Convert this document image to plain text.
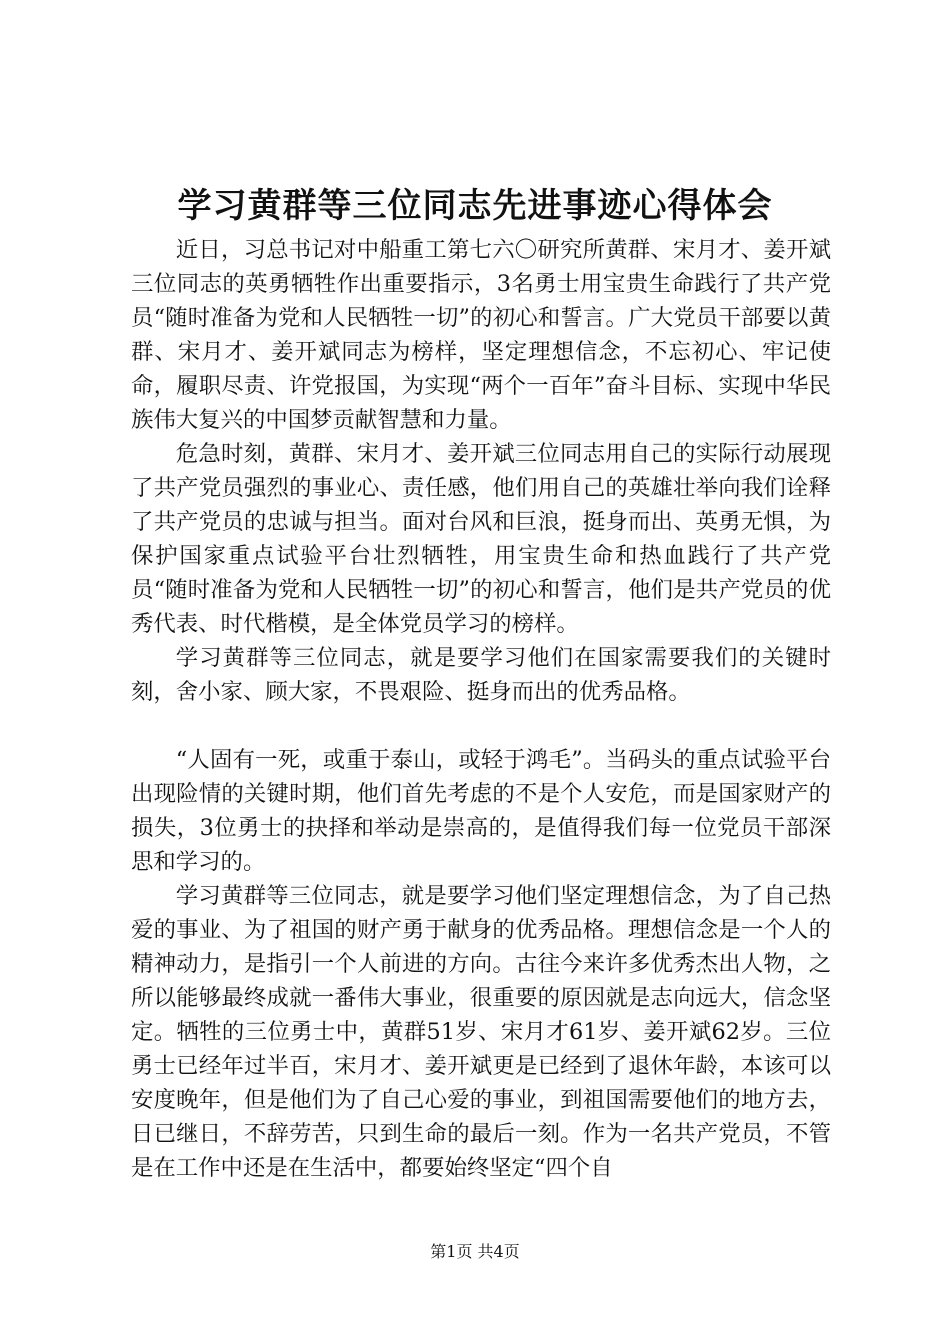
学习黄群等三位同志先进事迹心得体会

近日，习总书记对中船重工第七六〇研究所黄群、宋月才、姜开斌三位同志的英勇牺牲作出重要指示，3名勇士用宝贵生命践行了共产党员“随时准备为党和人民牺牲一切”的初心和誓言。广大党员干部要以黄群、宋月才、姜开斌同志为榜样，坚定理想信念，不忘初心、牢记使命，履职尽责、许党报国，为实现“两个一百年”奋斗目标、实现中华民族伟大复兴的中国梦贡献智慧和力量。

危急时刻，黄群、宋月才、姜开斌三位同志用自己的实际行动展现了共产党员强烈的事业心、责任感，他们用自己的英雄壮举向我们诠释了共产党员的忠诚与担当。面对台风和巨浪，挺身而出、英勇无惧，为保护国家重点试验平台壮烈牺牲，用宝贵生命和热血践行了共产党员“随时准备为党和人民牺牲一切”的初心和誓言，他们是共产党员的优秀代表、时代楷模，是全体党员学习的榜样。

学习黄群等三位同志，就是要学习他们在国家需要我们的关键时刻，舍小家、顾大家，不畏艰险、挺身而出的优秀品格。

“人固有一死，或重于泰山，或轻于鸿毛”。当码头的重点试验平台出现险情的关键时期，他们首先考虑的不是个人安危，而是国家财产的损失，3位勇士的抉择和举动是崇高的，是值得我们每一位党员干部深思和学习的。

学习黄群等三位同志，就是要学习他们坚定理想信念，为了自己热爱的事业、为了祖国的财产勇于献身的优秀品格。理想信念是一个人的精神动力，是指引一个人前进的方向。古往今来许多优秀杰出人物，之所以能够最终成就一番伟大事业，很重要的原因就是志向远大，信念坚定。牺牲的三位勇士中，黄群51岁、宋月才61岁、姜开斌62岁。三位勇士已经年过半百，宋月才、姜开斌更是已经到了退休年龄，本该可以安度晚年，但是他们为了自己心爱的事业，到祖国需要他们的地方去，日已继日，不辞劳苦，只到生命的最后一刻。作为一名共产党员，不管是在工作中还是在生活中，都要始终坚定“四个自

第1页 共4页
